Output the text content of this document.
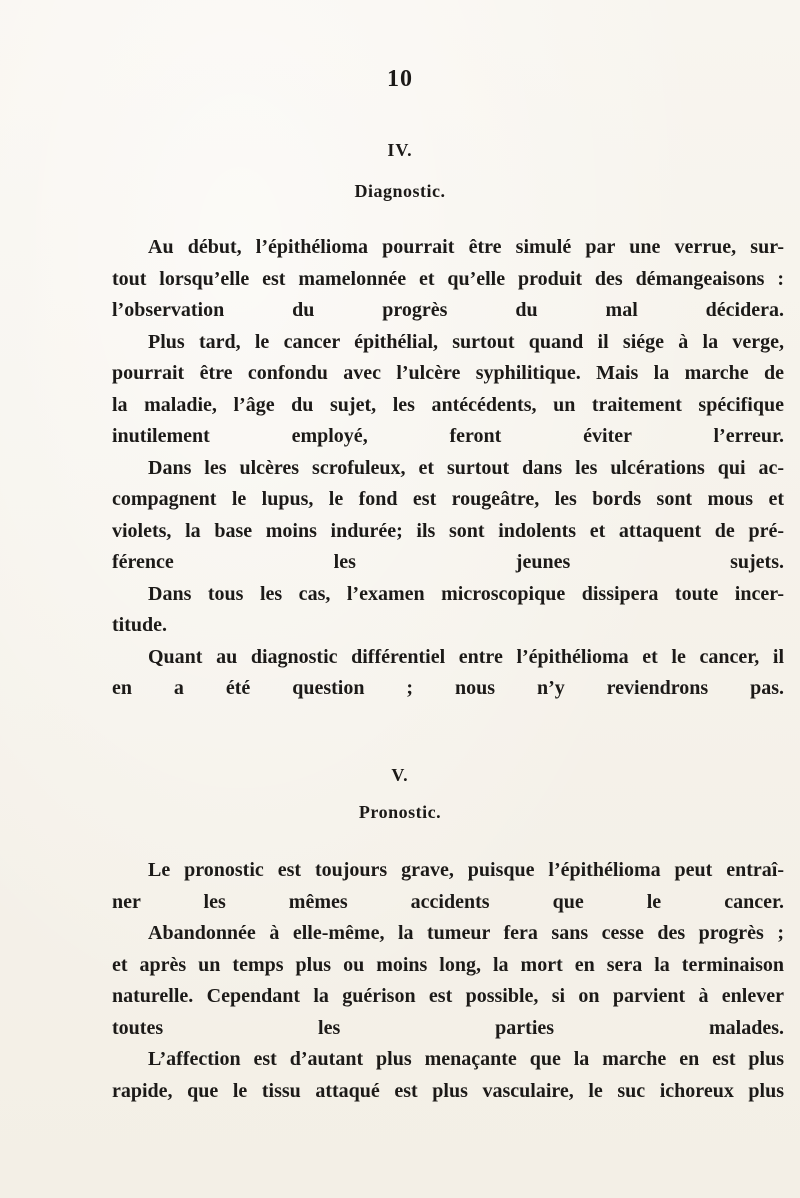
10
IV.
Diagnostic.
Au début, l’épithélioma pourrait être simulé par une verrue, sur-
tout lorsqu’elle est mamelonnée et qu’elle produit des démangeaisons :
l’observation du progrès du mal décidera.
Plus tard, le cancer épithélial, surtout quand il siége à la verge,
pourrait être confondu avec l’ulcère syphilitique. Mais la marche de
la maladie, l’âge du sujet, les antécédents, un traitement spécifique
inutilement employé, feront éviter l’erreur.
Dans les ulcères scrofuleux, et surtout dans les ulcérations qui ac-
compagnent le lupus, le fond est rougeâtre, les bords sont mous et
violets, la base moins indurée; ils sont indolents et attaquent de pré-
férence les jeunes sujets.
Dans tous les cas, l’examen microscopique dissipera toute incer-
titude.
Quant au diagnostic différentiel entre l’épithélioma et le cancer, il
en a été question ; nous n’y reviendrons pas.
V.
Pronostic.
Le pronostic est toujours grave, puisque l’épithélioma peut entraî-
ner les mêmes accidents que le cancer.
Abandonnée à elle-même, la tumeur fera sans cesse des progrès ;
et après un temps plus ou moins long, la mort en sera la terminaison
naturelle. Cependant la guérison est possible, si on parvient à enlever
toutes les parties malades.
L’affection est d’autant plus menaçante que la marche en est plus
rapide, que le tissu attaqué est plus vasculaire, le suc ichoreux plus
